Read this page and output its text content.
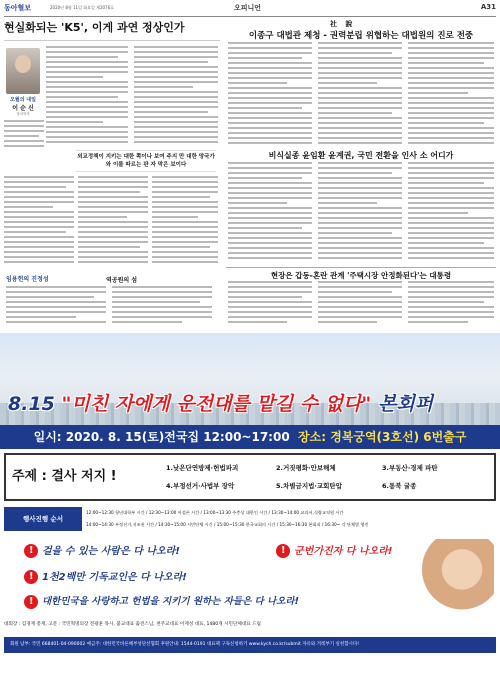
동아혈보	2020년 8월 11일 화요일 제2076호	오피니언	A31
현실화되는 'K5', 이게 과연 정상인가
오월의 내일
이 순 신
정치학자
외교정책이 지키는 대한 쪽이나 보여 주지 만 대한 망국가와 이를 따르는 판 자 막은 보이다
임용헌의 진정성	역공원의 섬
社 說
이종구 대법관 제청 - 권력분립 위협하는 대법원의 진로 전중
비식실종 윤임환 윤계권, 국민 전환을 인사 소 어디가
현장은 갑동-혼란 관계 '주택시장 안정화된다'는 대통령
8.15 "미친 자에게 운전대를 맡길 수 없다" 본회퍼
일시: 2020. 8. 15(토)전국집 12:00~17:00 장소: 경복궁역(3호선) 6번출구
주제 : 결사 저지 !
1.낮은단연방제·헌법파괴	2.거짓평화·안보해체	3.부동산·경제 파탄
4.부정선거·사법부 장악	5.차별금지법·교회탄압	6.통북 굴종
행사진행 순서
12:00~12:30 청년대학부 시간 / 12:30~13:00 어설픈 시간 / 13:00~13:30 주충상 대한인 시간 / 13:30~14:00 교과서,식량교직원 시간
14:00~14:30 부정선거,저조권 시간 / 14:30~15:00 시민단체 시간 / 15:00~15:30 한국교회의 시간 / 15:30~16:30 본회퍼 / 16:30~ 각 단체별 행진
!걸을 수 있는 사람은 다 나오라!
!	군번가진자 다 나오라!
!1천2백만 기독교인은 다 나오라!
!대한민국을 사랑하고 헌법을 지키기 원하는 자들은 다 나오라!
대회장 : 김경재 총재, 고문 : 국민혁명의장 전광훈 목사, 불교대표 출전스님, 천주교대표 이계성 대표, 1480개 시민단체대표 드림
회원 납부: 국민 668401-04-090002 예금주: 대한민국바른혜부성단선협회 후원안내: 1544-0191 대표팩 구독신청하기 www.kych.co.kr/submit 자유와 겨레부기 실천합시다!
